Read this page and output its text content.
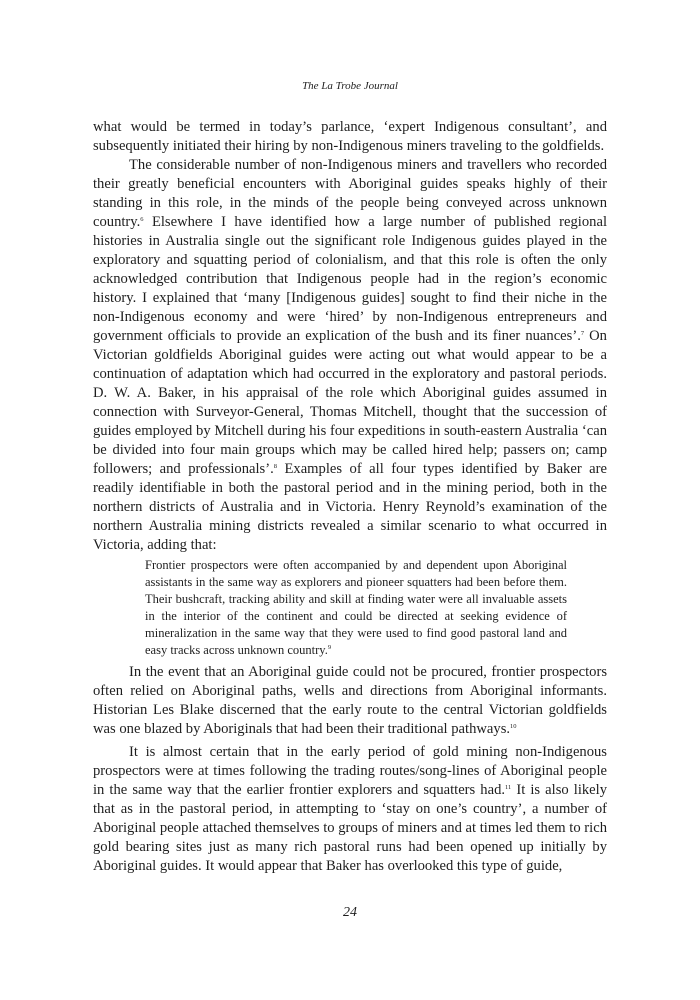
The La Trobe Journal

what would be termed in today’s parlance, ‘expert Indigenous consultant’, and subsequently initiated their hiring by non-Indigenous miners traveling to the goldfields.

The considerable number of non-Indigenous miners and travellers who recorded their greatly beneficial encounters with Aboriginal guides speaks highly of their standing in this role, in the minds of the people being conveyed across unknown country.$^6$ Elsewhere I have identified how a large number of published regional histories in Australia single out the significant role Indigenous guides played in the exploratory and squatting period of colonialism, and that this role is often the only acknowledged contribution that Indigenous people had in the region’s economic history. I explained that ‘many [Indigenous guides] sought to find their niche in the non-Indigenous economy and were ‘hired’ by non-Indigenous entrepreneurs and government officials to provide an explication of the bush and its finer nuances’.$^7$ On Victorian goldfields Aboriginal guides were acting out what would appear to be a continuation of adaptation which had occurred in the exploratory and pastoral periods. D. W. A. Baker, in his appraisal of the role which Aboriginal guides assumed in connection with Surveyor-General, Thomas Mitchell, thought that the succession of guides employed by Mitchell during his four expeditions in south-eastern Australia ‘can be divided into four main groups which may be called hired help; passers on; camp followers; and professionals’.$^8$ Examples of all four types identified by Baker are readily identifiable in both the pastoral period and in the mining period, both in the northern districts of Australia and in Victoria. Henry Reynold’s examination of the northern Australia mining districts revealed a similar scenario to what occurred in Victoria, adding that:

Frontier prospectors were often accompanied by and dependent upon Aboriginal assistants in the same way as explorers and pioneer squatters had been before them. Their bushcraft, tracking ability and skill at finding water were all invaluable assets in the interior of the continent and could be directed at seeking evidence of mineralization in the same way that they were used to find good pastoral land and easy tracks across unknown country.$^9$

In the event that an Aboriginal guide could not be procured, frontier prospectors often relied on Aboriginal paths, wells and directions from Aboriginal informants. Historian Les Blake discerned that the early route to the central Victorian goldfields was one blazed by Aboriginals that had been their traditional pathways.$^{10}$

It is almost certain that in the early period of gold mining non-Indigenous prospectors were at times following the trading routes/song-lines of Aboriginal people in the same way that the earlier frontier explorers and squatters had.$^{11}$ It is also likely that as in the pastoral period, in attempting to ‘stay on one’s country’, a number of Aboriginal people attached themselves to groups of miners and at times led them to rich gold bearing sites just as many rich pastoral runs had been opened up initially by Aboriginal guides. It would appear that Baker has overlooked this type of guide,

24
